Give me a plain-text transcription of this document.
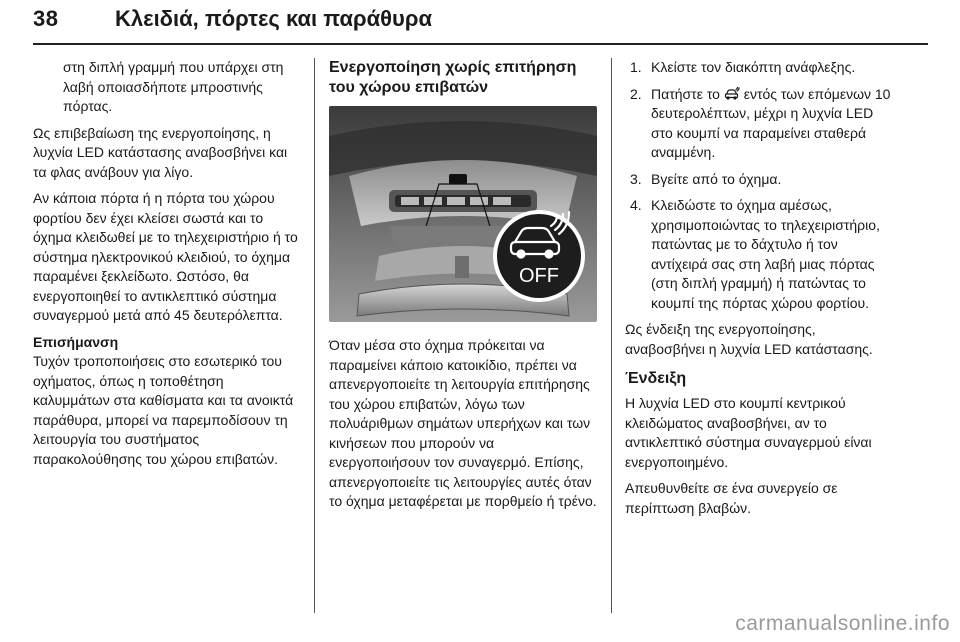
38	Κλειδιά, πόρτες και παράθυρα

στη διπλή γραμμή που υπάρχει στη λαβή οποιασδήποτε μπροστινής πόρτας.

Ως επιβεβαίωση της ενεργοποίησης, η λυχνία LED κατάστασης αναβοσβήνει και τα φλας ανάβουν για λίγο.

Αν κάποια πόρτα ή η πόρτα του χώρου φορτίου δεν έχει κλείσει σωστά και το όχημα κλειδωθεί με το τηλεχειριστήριο ή το σύστημα ηλεκτρονικού κλειδιού, το όχημα παραμένει ξεκλείδωτο. Ωστόσο, θα ενεργοποιηθεί το αντικλεπτικό σύστημα συναγερμού μετά από 45 δευτερόλεπτα.

Επισήμανση

Τυχόν τροποποιήσεις στο εσωτερικό του οχήματος, όπως η τοποθέτηση καλυμμάτων στα καθίσματα και τα ανοικτά παράθυρα, μπορεί να παρεμποδίσουν τη λειτουργία του συστήματος παρακολούθησης του χώρου επιβατών.

Ενεργοποίηση χωρίς επιτήρηση του χώρου επιβατών
OFF

Όταν μέσα στο όχημα πρόκειται να παραμείνει κάποιο κατοικίδιο, πρέπει να απενεργοποιείτε τη λειτουργία επιτήρησης του χώρου επιβατών, λόγω των πολυάριθμων σημάτων υπερήχων και των κινήσεων που μπορούν να ενεργοποιήσουν τον συναγερμό. Επίσης, απενεργοποιείτε τις λειτουργίες αυτές όταν το όχημα μεταφέρεται με πορθμείο ή τρένο.

1. Κλείστε τον διακόπτη ανάφλεξης.
2. Πατήστε το εντός των επόμενων 10 δευτερολέπτων, μέχρι η λυχνία LED στο κουμπί να παραμείνει σταθερά αναμμένη.
3. Βγείτε από το όχημα.
4. Κλειδώστε το όχημα αμέσως, χρησιμοποιώντας το τηλεχειριστήριο, πατώντας με το δάχτυλο ή τον αντίχειρά σας στη λαβή μιας πόρτας (στη διπλή γραμμή) ή πατώντας το κουμπί της πόρτας χώρου φορτίου.

Ως ένδειξη της ενεργοποίησης, αναβοσβήνει η λυχνία LED κατάστασης.

Ένδειξη

Η λυχνία LED στο κουμπί κεντρικού κλειδώματος αναβοσβήνει, αν το αντικλεπτικό σύστημα συναγερμού είναι ενεργοποιημένο.

Απευθυνθείτε σε ένα συνεργείο σε περίπτωση βλαβών.

carmanualsonline.info
